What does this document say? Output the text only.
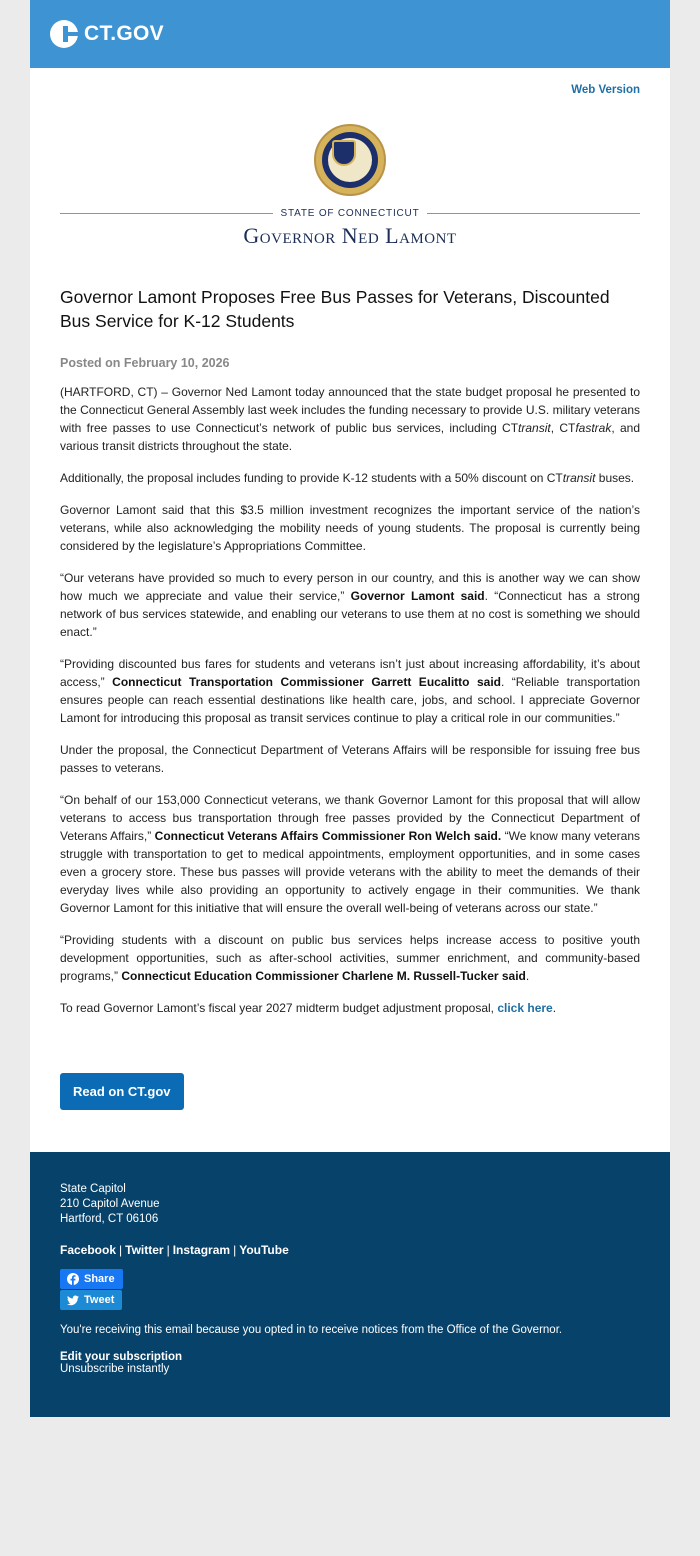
CT.GOV
Web Version
STATE OF CONNECTICUT
Governor Ned Lamont
Governor Lamont Proposes Free Bus Passes for Veterans, Discounted Bus Service for K-12 Students
Posted on February 10, 2026

(HARTFORD, CT) – Governor Ned Lamont today announced that the state budget proposal he presented to the Connecticut General Assembly last week includes the funding necessary to provide U.S. military veterans with free passes to use Connecticut’s network of public bus services, including CTtransit, CTfastrak, and various transit districts throughout the state.

Additionally, the proposal includes funding to provide K-12 students with a 50% discount on CTtransit buses.

Governor Lamont said that this $3.5 million investment recognizes the important service of the nation’s veterans, while also acknowledging the mobility needs of young students. The proposal is currently being considered by the legislature’s Appropriations Committee.

“Our veterans have provided so much to every person in our country, and this is another way we can show how much we appreciate and value their service,” Governor Lamont said. “Connecticut has a strong network of bus services statewide, and enabling our veterans to use them at no cost is something we should enact.”

“Providing discounted bus fares for students and veterans isn’t just about increasing affordability, it’s about access,” Connecticut Transportation Commissioner Garrett Eucalitto said. “Reliable transportation ensures people can reach essential destinations like health care, jobs, and school. I appreciate Governor Lamont for introducing this proposal as transit services continue to play a critical role in our communities.”

Under the proposal, the Connecticut Department of Veterans Affairs will be responsible for issuing free bus passes to veterans.

“On behalf of our 153,000 Connecticut veterans, we thank Governor Lamont for this proposal that will allow veterans to access bus transportation through free passes provided by the Connecticut Department of Veterans Affairs,” Connecticut Veterans Affairs Commissioner Ron Welch said. “We know many veterans struggle with transportation to get to medical appointments, employment opportunities, and in some cases even a grocery store. These bus passes will provide veterans with the ability to meet the demands of their everyday lives while also providing an opportunity to actively engage in their communities. We thank Governor Lamont for this initiative that will ensure the overall well-being of veterans across our state.”

“Providing students with a discount on public bus services helps increase access to positive youth development opportunities, such as after-school activities, summer enrichment, and community-based programs,” Connecticut Education Commissioner Charlene M. Russell-Tucker said.

To read Governor Lamont’s fiscal year 2027 midterm budget adjustment proposal, click here.

Read on CT.gov
State Capitol
210 Capitol Avenue
Hartford, CT 06106
Facebook | Twitter | Instagram | YouTube
Share
Tweet
You're receiving this email because you opted in to receive notices from the Office of the Governor.
Edit your subscription
Unsubscribe instantly
